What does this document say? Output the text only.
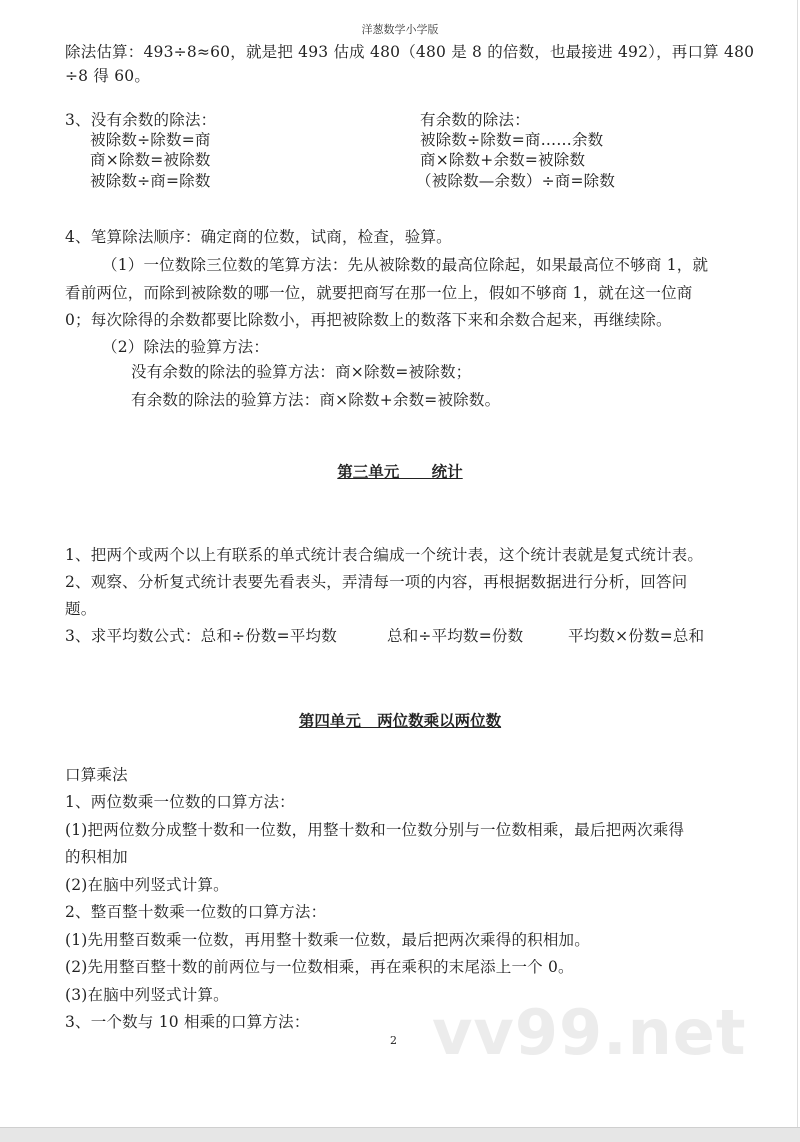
洋葱数学小学版
除法估算：493÷8≈60，就是把 493 估成 480（480 是 8 的倍数，也最接进 492），再口算 480
÷8 得 60。
3、没有余数的除法：
被除数÷除数=商
商×除数=被除数
被除数÷商=除数
有余数的除法：
被除数÷除数=商……余数
商×除数+余数=被除数
（被除数—余数）÷商=除数
4、笔算除法顺序：确定商的位数，试商，检查，验算。
（1）一位数除三位数的笔算方法：先从被除数的最高位除起，如果最高位不够商 1，就
看前两位，而除到被除数的哪一位，就要把商写在那一位上，假如不够商 1，就在这一位商
0；每次除得的余数都要比除数小，再把被除数上的数落下来和余数合起来，再继续除。
（2）除法的验算方法：
没有余数的除法的验算方法：商×除数=被除数；
有余数的除法的验算方法：商×除数+余数=被除数。
第三单元      统计
1、把两个或两个以上有联系的单式统计表合编成一个统计表，这个统计表就是复式统计表。
2、观察、分析复式统计表要先看表头，弄清每一项的内容，再根据数据进行分析，回答问
题。
3、求平均数公式：总和÷份数=平均数	总和÷平均数=份数	平均数×份数=总和
第四单元   两位数乘以两位数
口算乘法
1、两位数乘一位数的口算方法：
(1)把两位数分成整十数和一位数，用整十数和一位数分别与一位数相乘，最后把两次乘得
的积相加
(2)在脑中列竖式计算。
2、整百整十数乘一位数的口算方法：
(1)先用整百数乘一位数，再用整十数乘一位数，最后把两次乘得的积相加。
(2)先用整百整十数的前两位与一位数相乘，再在乘积的末尾添上一个 0。
(3)在脑中列竖式计算。
3、一个数与 10 相乘的口算方法：
2 vv99.net
